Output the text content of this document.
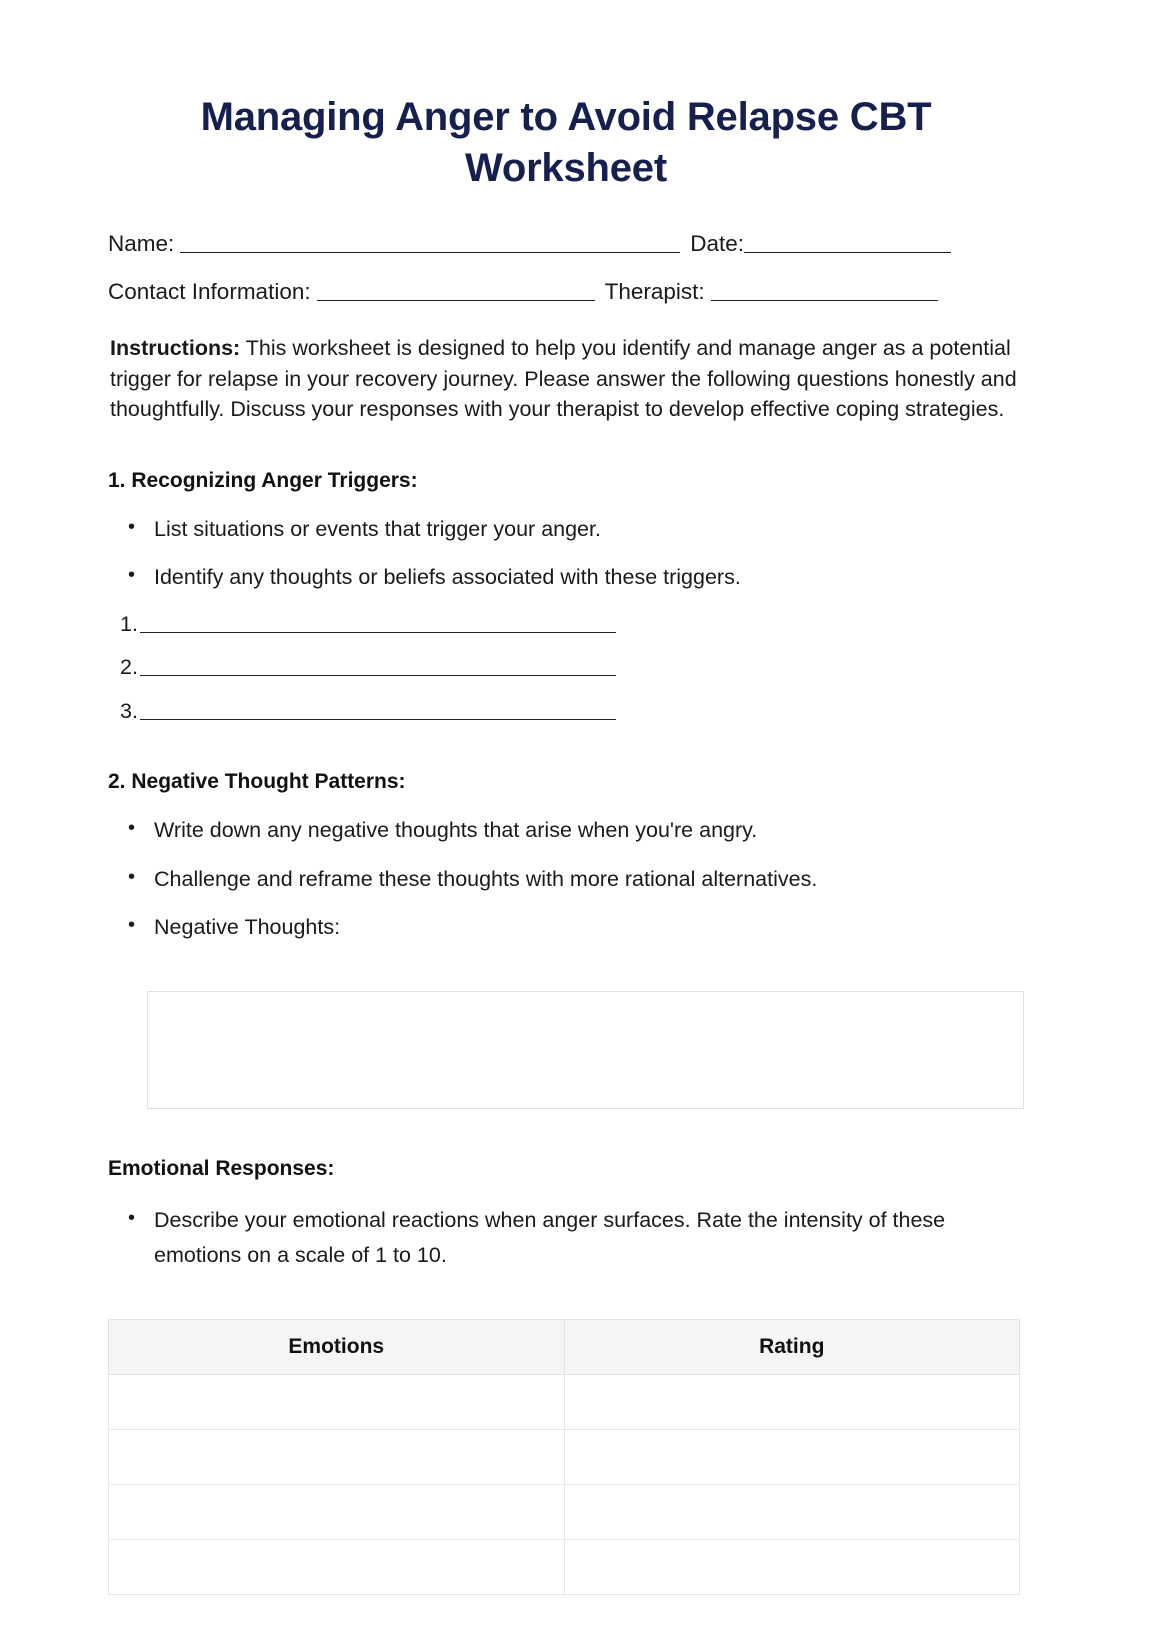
Managing Anger to Avoid Relapse CBT Worksheet
Name:	Date:
Contact Information:	Therapist:

Instructions: This worksheet is designed to help you identify and manage anger as a potential trigger for relapse in your recovery journey. Please answer the following questions honestly and thoughtfully. Discuss your responses with your therapist to develop effective coping strategies.

1. Recognizing Anger Triggers:
• List situations or events that trigger your anger.
• Identify any thoughts or beliefs associated with these triggers.
1.
2.
3.
2. Negative Thought Patterns:
• Write down any negative thoughts that arise when you're angry.
• Challenge and reframe these thoughts with more rational alternatives.
• Negative Thoughts:
Emotional Responses:
• Describe your emotional reactions when anger surfaces. Rate the intensity of these emotions on a scale of 1 to 10.
Emotions	Rating
